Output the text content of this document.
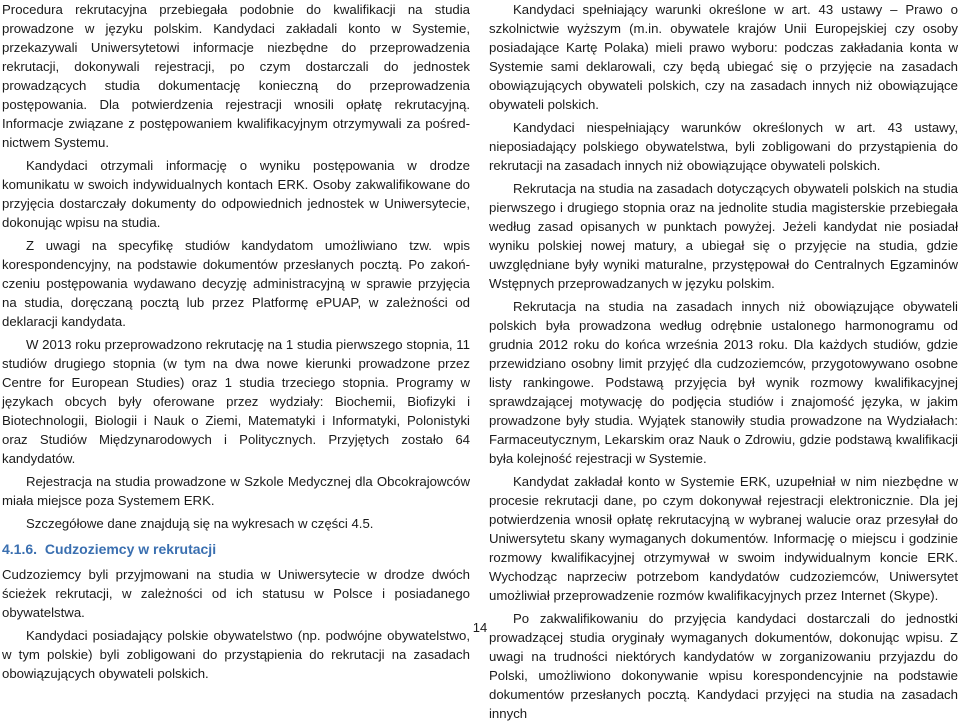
Procedura rekrutacyjna przebiegała podobnie do kwalifikacji na studia prowadzone w języku polskim. Kandydaci zakładali konto w Systemie, przekazywali Uniwersytetowi informacje niezbędne do przeprowadzenia rekrutacji, dokonywali rejestracji, po czym dostarczali do jednostek prowadzących studia dokumentację konieczną do przeprowadzenia postępowania. Dla potwierdzenia rejestracji wnosili opłatę rekrutacyjną. Informacje związane z postępowaniem kwalifikacyjnym otrzymywali za pośrednictwem Systemu.

Kandydaci otrzymali informację o wyniku postępowania w drodze komunikatu w swoich indywidualnych kontach ERK. Osoby zakwalifikowane do przyjęcia dostarczały dokumenty do odpowiednich jednostek w Uniwersytecie, dokonując wpisu na studia.

Z uwagi na specyfikę studiów kandydatom umożliwiano tzw. wpis korespondencyjny, na podstawie dokumentów przesłanych pocztą. Po zakończeniu postępowania wydawano decyzję administracyjną w sprawie przyjęcia na studia, doręczaną pocztą lub przez Platformę ePUAP, w zależności od deklaracji kandydata.

W 2013 roku przeprowadzono rekrutację na 1 studia pierwszego stopnia, 11 studiów drugiego stopnia (w tym na dwa nowe kierunki prowadzone przez Centre for European Studies) oraz 1 studia trzeciego stopnia. Programy w językach obcych były oferowane przez wydziały: Biochemii, Biofizyki i Biotechnologii, Biologii i Nauk o Ziemi, Matematyki i Informatyki, Polonistyki oraz Studiów Międzynarodowych i Politycznych. Przyjętych zostało 64 kandydatów.

Rejestracja na studia prowadzone w Szkole Medycznej dla Obcokrajowców miała miejsce poza Systemem ERK.

Szczegółowe dane znajdują się na wykresach w części 4.5.

4.1.6. Cudzoziemcy w rekrutacji

Cudzoziemcy byli przyjmowani na studia w Uniwersytecie w drodze dwóch ścieżek rekrutacji, w zależności od ich statusu w Polsce i posiadanego obywatelstwa.

Kandydaci posiadający polskie obywatelstwo (np. podwójne obywatelstwo, w tym polskie) byli zobligowani do przystąpienia do rekrutacji na zasadach obowiązujących obywateli polskich.

Kandydaci spełniający warunki określone w art. 43 ustawy – Prawo o szkolnictwie wyższym (m.in. obywatele krajów Unii Europejskiej czy osoby posiadające Kartę Polaka) mieli prawo wyboru: podczas zakładania konta w Systemie sami deklarowali, czy będą ubiegać się o przyjęcie na zasadach obowiązujących obywateli polskich, czy na zasadach innych niż obowiązujące obywateli polskich.

Kandydaci niespełniający warunków określonych w art. 43 ustawy, nieposiadający polskiego obywatelstwa, byli zobligowani do przystąpienia do rekrutacji na zasadach innych niż obowiązujące obywateli polskich.

Rekrutacja na studia na zasadach dotyczących obywateli polskich na studia pierwszego i drugiego stopnia oraz na jednolite studia magisterskie przebiegała według zasad opisanych w punktach powyżej. Jeżeli kandydat nie posiadał wyniku polskiej nowej matury, a ubiegał się o przyjęcie na studia, gdzie uwzględniane były wyniki maturalne, przystępował do Centralnych Egzaminów Wstępnych przeprowadzanych w języku polskim.

Rekrutacja na studia na zasadach innych niż obowiązujące obywateli polskich była prowadzona według odrębnie ustalonego harmonogramu od grudnia 2012 roku do końca września 2013 roku. Dla każdych studiów, gdzie przewidziano osobny limit przyjęć dla cudzoziemców, przygotowywano osobne listy rankingowe. Podstawą przyjęcia był wynik rozmowy kwalifikacyjnej sprawdzającej motywację do podjęcia studiów i znajomość języka, w jakim prowadzone były studia. Wyjątek stanowiły studia prowadzone na Wydziałach: Farmaceutycznym, Lekarskim oraz Nauk o Zdrowiu, gdzie podstawą kwalifikacji była kolejność rejestracji w Systemie.

Kandydat zakładał konto w Systemie ERK, uzupełniał w nim niezbędne w procesie rekrutacji dane, po czym dokonywał rejestracji elektronicznie. Dla jej potwierdzenia wnosił opłatę rekrutacyjną w wybranej walucie oraz przesyłał do Uniwersytetu skany wymaganych dokumentów. Informację o miejscu i godzinie rozmowy kwalifikacyjnej otrzymywał w swoim indywidualnym koncie ERK. Wychodząc naprzeciw potrzebom kandydatów cudzoziemców, Uniwersytet umożliwiał przeprowadzenie rozmów kwalifikacyjnych przez Internet (Skype).

Po zakwalifikowaniu do przyjęcia kandydaci dostarczali do jednostki prowadzącej studia oryginały wymaganych dokumentów, dokonując wpisu. Z uwagi na trudności niektórych kandydatów w zorganizowaniu przyjazdu do Polski, umożliwiono dokonywanie wpisu korespondencyjnie na podstawie dokumentów przesłanych pocztą. Kandydaci przyjęci na studia na zasadach innych

14
